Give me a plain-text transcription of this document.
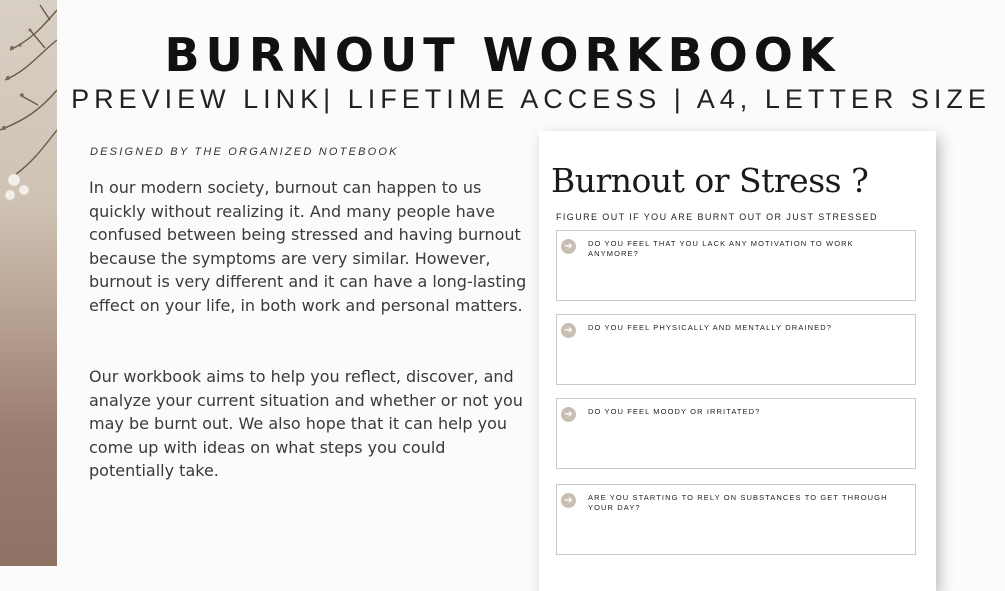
BURNOUT WORKBOOK
PREVIEW LINK| LIFETIME ACCESS | A4, LETTER SIZE
DESIGNED BY THE ORGANIZED NOTEBOOK

In our modern society, burnout can happen to us quickly without realizing it. And many people have confused between being stressed and having burnout because the symptoms are very similar. However, burnout is very different and it can have a long-lasting effect on your life, in both work and personal matters.

Our workbook aims to help you reflect, discover, and analyze your current situation and whether or not you may be burnt out. We also hope that it can help you come up with ideas on what steps you could potentially take.

Burnout or Stress ?
FIGURE OUT IF YOU ARE BURNT OUT OR JUST STRESSED
➔	DO YOU FEEL THAT YOU LACK ANY MOTIVATION TO WORK ANYMORE?
➔	DO YOU FEEL PHYSICALLY AND MENTALLY DRAINED?
➔	DO YOU FEEL MOODY OR IRRITATED?
➔	ARE YOU STARTING TO RELY ON SUBSTANCES TO GET THROUGH YOUR DAY?
